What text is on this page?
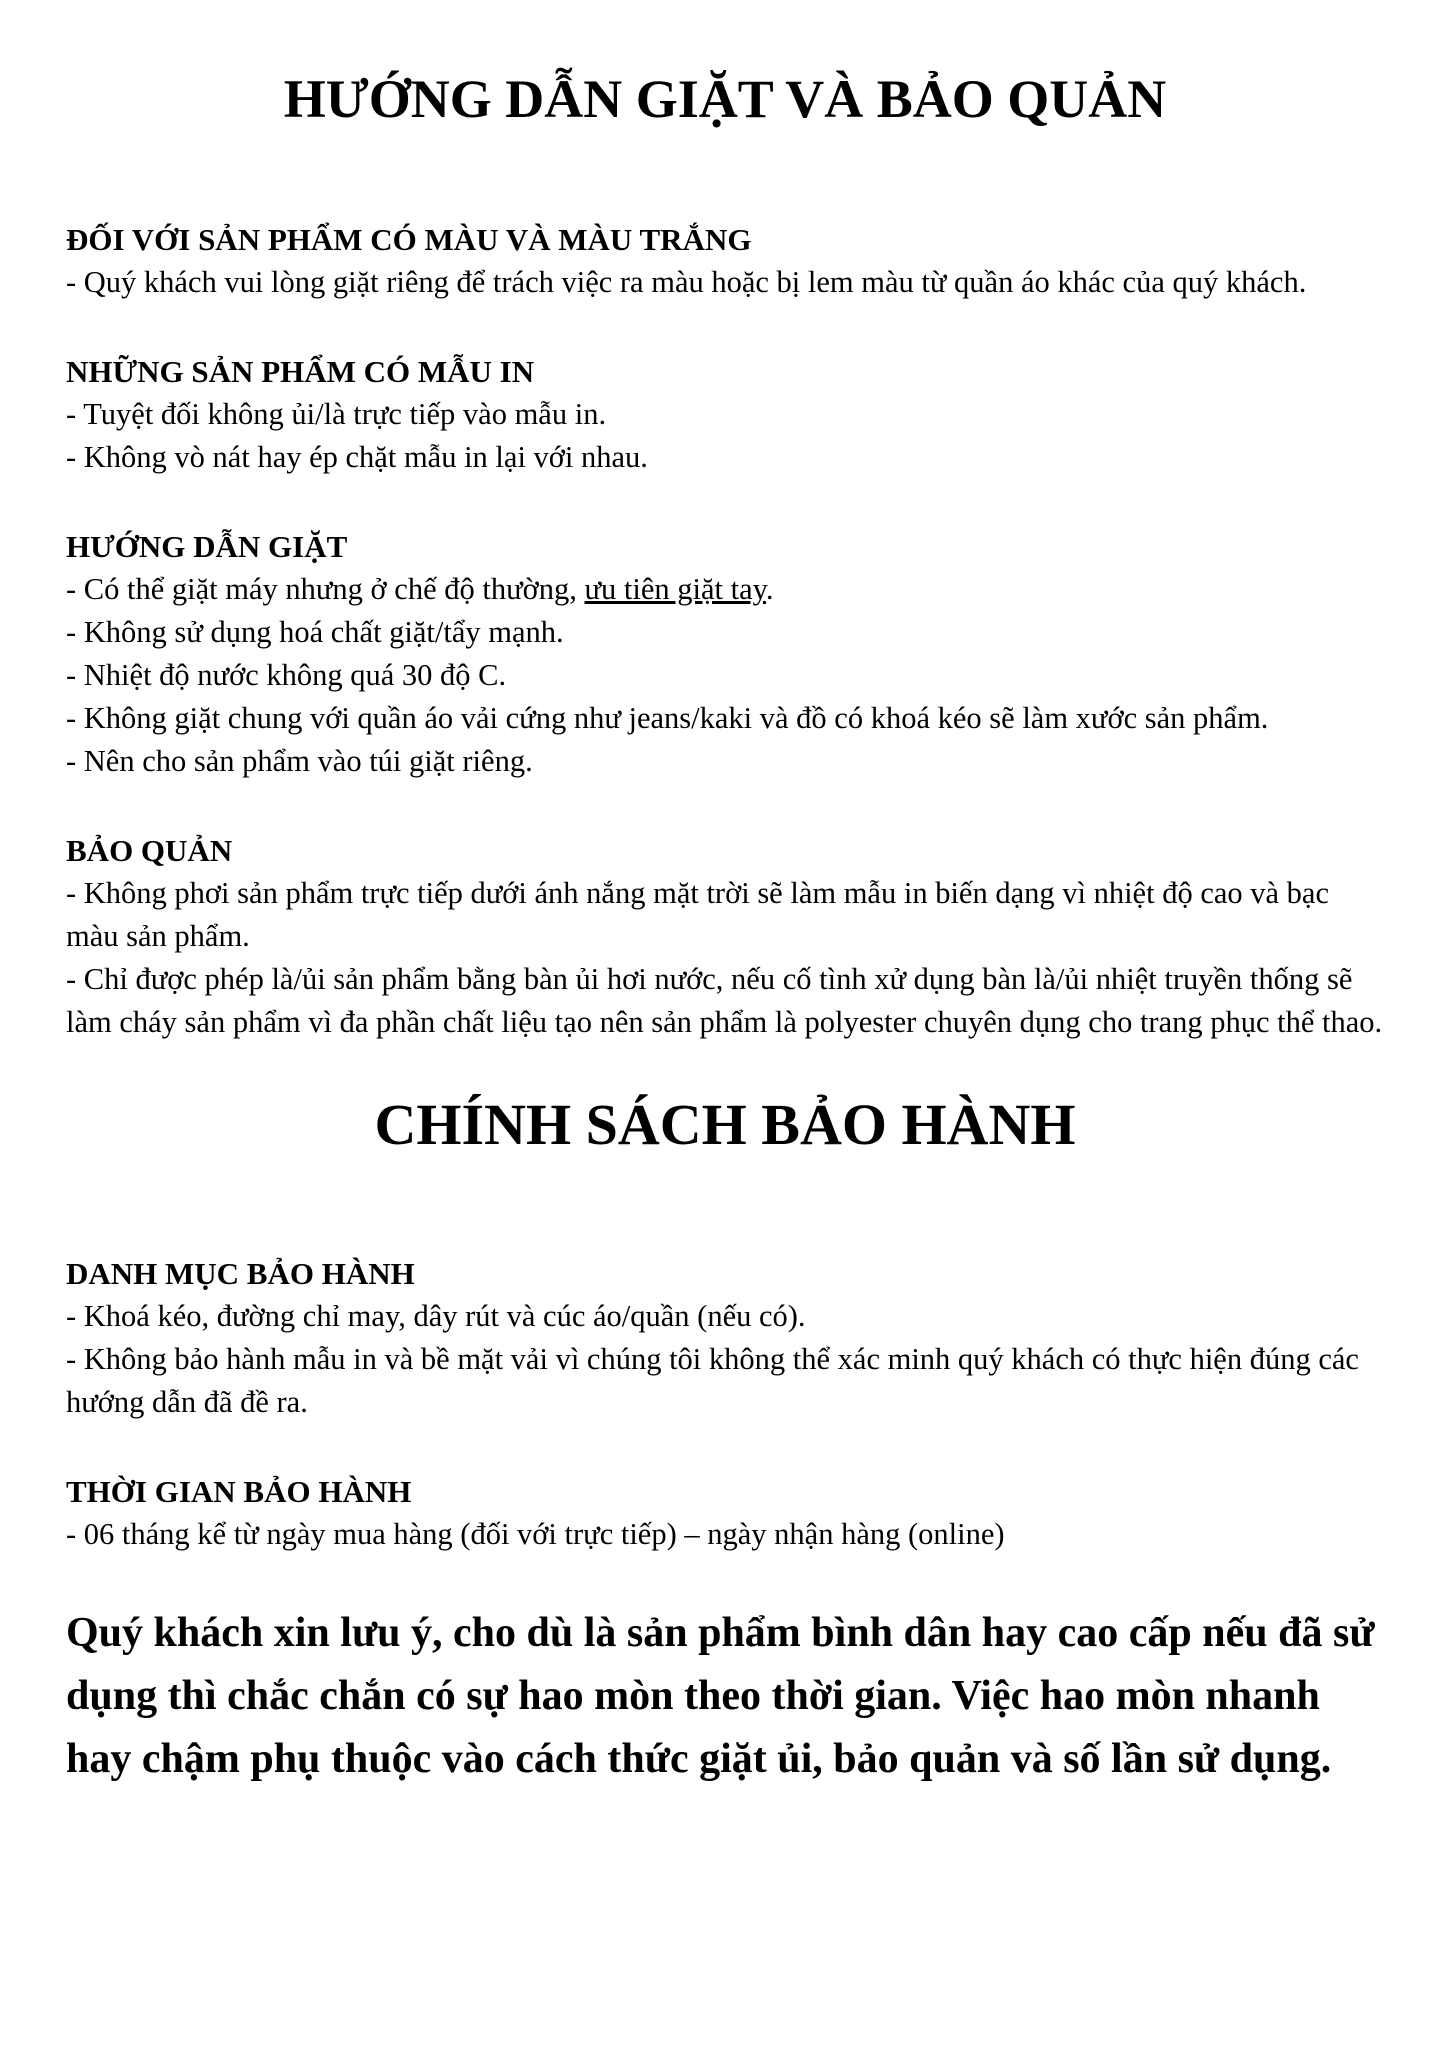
HƯỚNG DẪN GIẶT VÀ BẢO QUẢN
ĐỐI VỚI SẢN PHẨM CÓ MÀU VÀ MÀU TRẮNG

- Quý khách vui lòng giặt riêng để trách việc ra màu hoặc bị lem màu từ quần áo khác của quý khách.

NHỮNG SẢN PHẨM CÓ MẪU IN

- Tuyệt đối không ủi/là trực tiếp vào mẫu in.

- Không vò nát hay ép chặt mẫu in lại với nhau.

HƯỚNG DẪN GIẶT

- Có thể giặt máy nhưng ở chế độ thường, ưu tiên giặt tay.

- Không sử dụng hoá chất giặt/tẩy mạnh.

- Nhiệt độ nước không quá 30 độ C.

- Không giặt chung với quần áo vải cứng như jeans/kaki và đồ có khoá kéo sẽ làm xước sản phẩm.

- Nên cho sản phẩm vào túi giặt riêng.

BẢO QUẢN

- Không phơi sản phẩm trực tiếp dưới ánh nắng mặt trời sẽ làm mẫu in biến dạng vì nhiệt độ cao và bạc màu sản phẩm.

- Chỉ được phép là/ủi sản phẩm bằng bàn ủi hơi nước, nếu cố tình xử dụng bàn là/ủi nhiệt truyền thống sẽ làm cháy sản phẩm vì đa phần chất liệu tạo nên sản phẩm là polyester chuyên dụng cho trang phục thể thao.

CHÍNH SÁCH BẢO HÀNH
DANH MỤC BẢO HÀNH

- Khoá kéo, đường chỉ may, dây rút và cúc áo/quần (nếu có).

- Không bảo hành mẫu in và bề mặt vải vì chúng tôi không thể xác minh quý khách có thực hiện đúng các hướng dẫn đã đề ra.

THỜI GIAN BẢO HÀNH

- 06 tháng kể từ ngày mua hàng (đối với trực tiếp) – ngày nhận hàng (online)

Quý khách xin lưu ý, cho dù là sản phẩm bình dân hay cao cấp nếu đã sử dụng thì chắc chắn có sự hao mòn theo thời gian. Việc hao mòn nhanh hay chậm phụ thuộc vào cách thức giặt ủi, bảo quản và số lần sử dụng.
